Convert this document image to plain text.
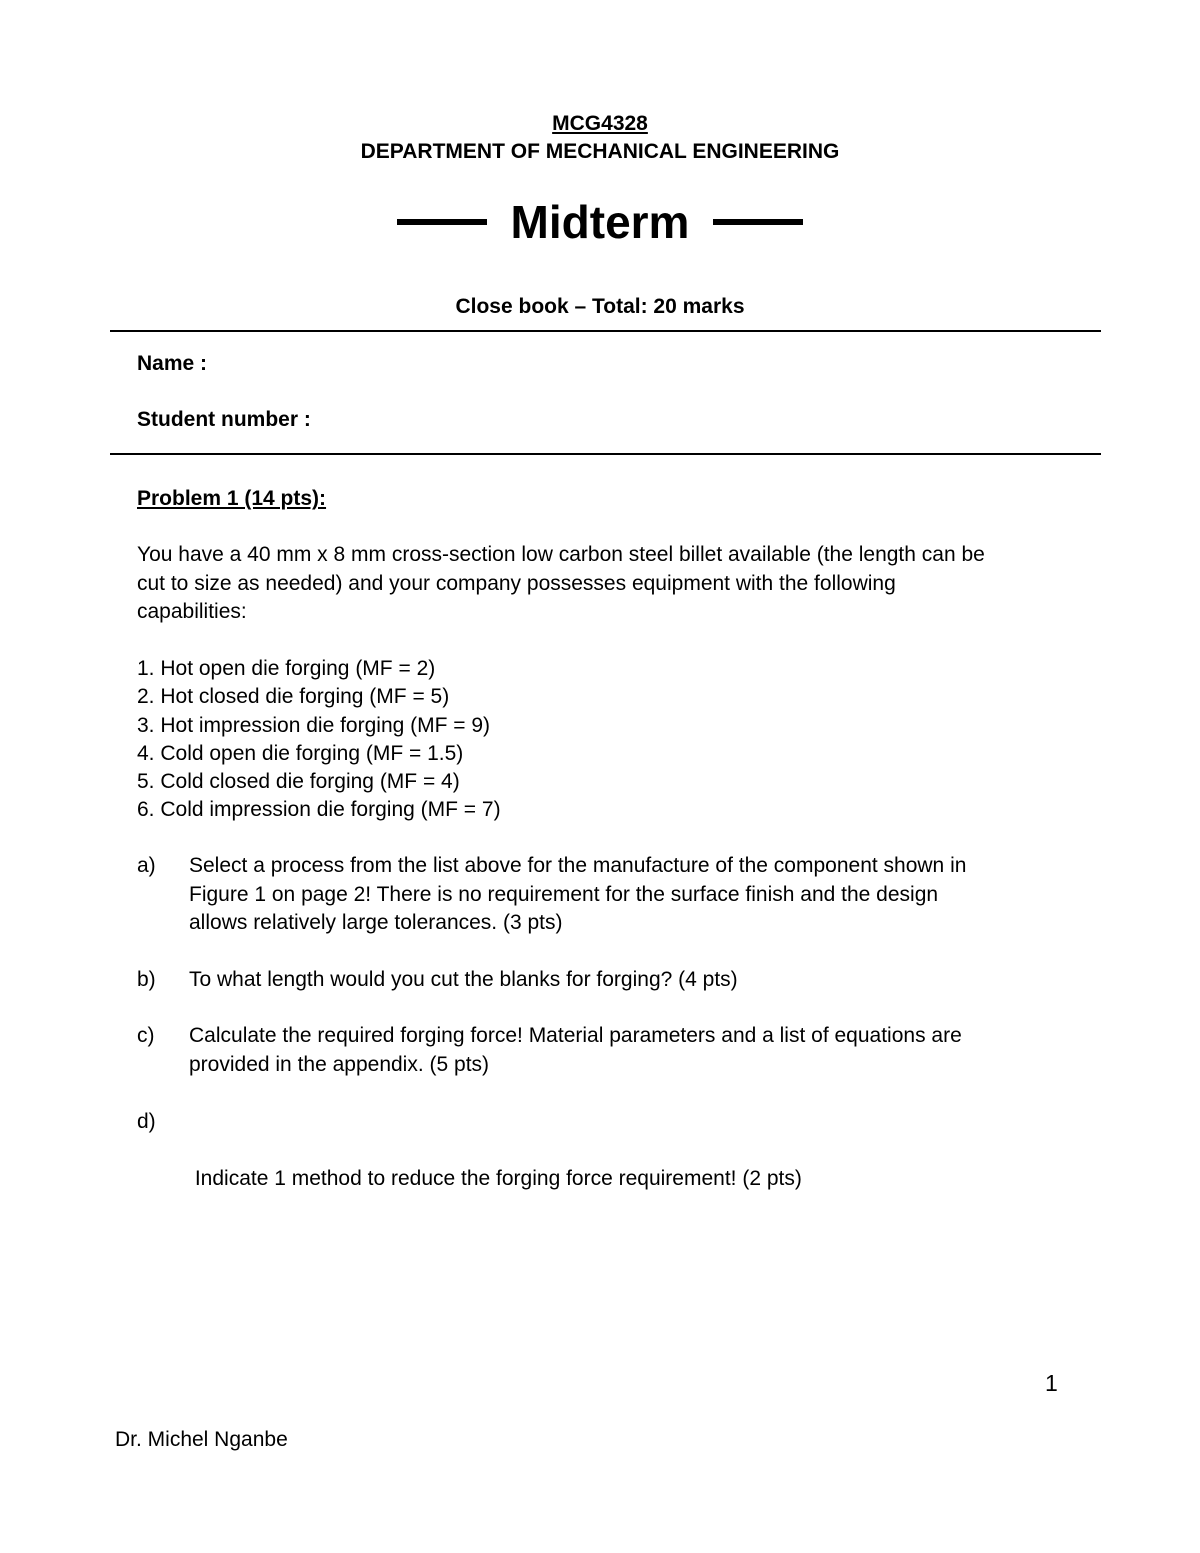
MCG4328
DEPARTMENT OF MECHANICAL ENGINEERING
Midterm
Close book – Total: 20 marks
Name :
Student number :
Problem 1 (14 pts):
You have a 40 mm x 8 mm cross-section low carbon steel billet available (the length can be
cut to size as needed) and your company possesses equipment with the following
capabilities:
1. Hot open die forging (MF = 2)
2. Hot closed die forging (MF = 5)
3. Hot impression die forging (MF = 9)
4. Cold open die forging (MF = 1.5)
5. Cold closed die forging (MF = 4)
6. Cold impression die forging (MF = 7)
a) Select a process from the list above for the manufacture of the component shown in
Figure 1 on page 2! There is no requirement for the surface finish and the design
allows relatively large tolerances. (3 pts)
b) To what length would you cut the blanks for forging? (4 pts)
c) Calculate the required forging force! Material parameters and a list of equations are
provided in the appendix. (5 pts)
d)

Indicate 1 method to reduce the forging force requirement! (2 pts)

1
Dr. Michel Nganbe
